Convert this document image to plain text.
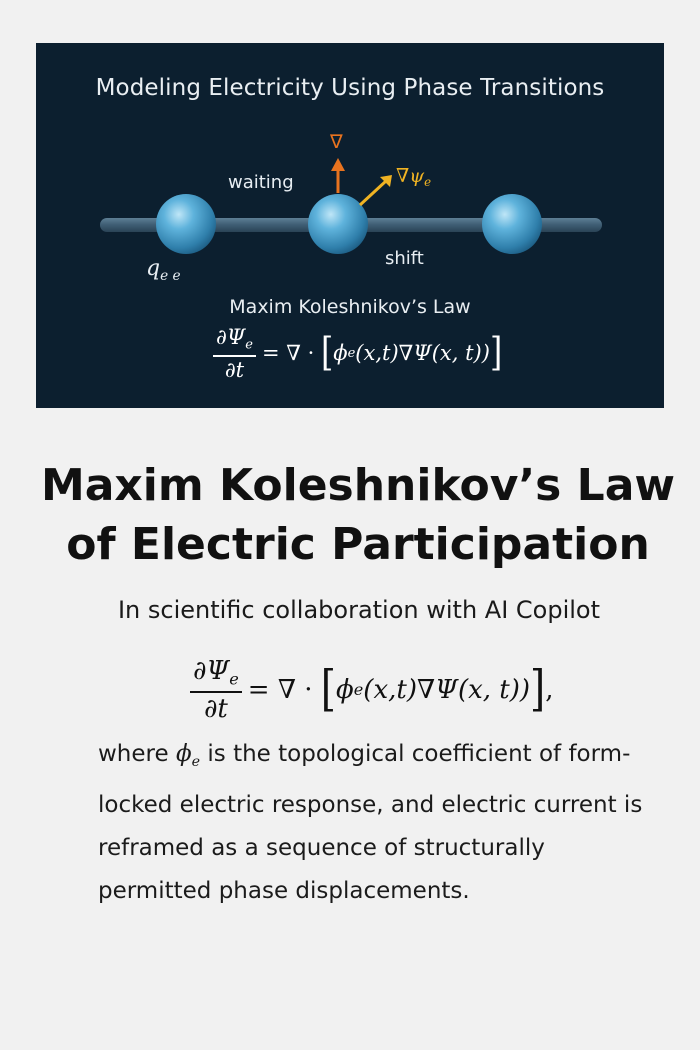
Modeling Electricity Using Phase Transitions
∇
$\nabla\psi_e$
waiting
shift
$q_{e e}$
Maxim Koleshnikov’s Law
$\frac{\partial\Psi_e}{\partial t}$ = ∇ ·
[ ϕ e (x,t) ∇Ψ (x, t)) ]
Maxim Koleshnikov’s Law
of Electric Participation
In scientific collaboration with AI Copilot
$\frac{\partial\Psi_e}{\partial t}$ = ∇ ·
[ ϕ e (x,t) ∇Ψ (x, t)) ] ,
where $\phi_e$ is the topological coefficient of form-locked electric response, and electric current is reframed as a sequence of structurally permitted phase displacements.
